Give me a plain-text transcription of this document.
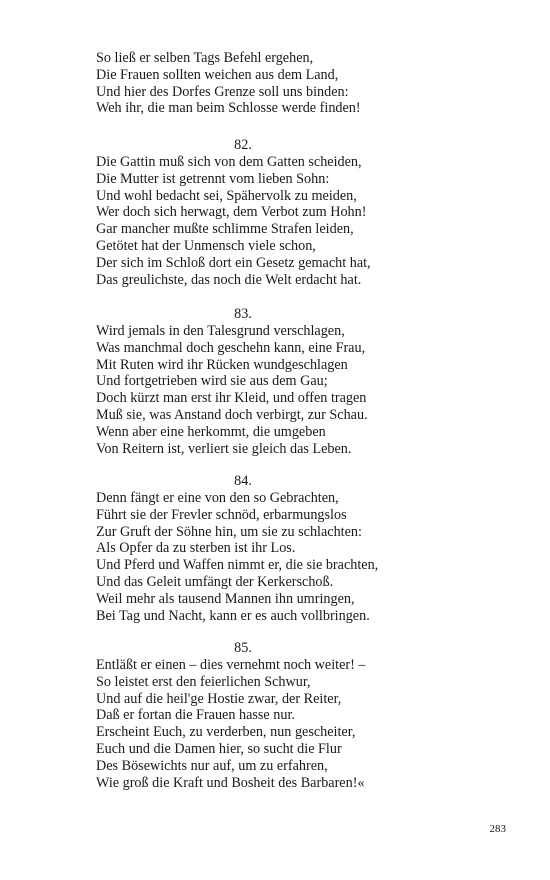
So ließ er selben Tags Befehl ergehen,
Die Frauen sollten weichen aus dem Land,
Und hier des Dorfes Grenze soll uns binden:
Weh ihr, die man beim Schlosse werde finden!
82.
Die Gattin muß sich von dem Gatten scheiden,
Die Mutter ist getrennt vom lieben Sohn:
Und wohl bedacht sei, Spähervolk zu meiden,
Wer doch sich herwagt, dem Verbot zum Hohn!
Gar mancher mußte schlimme Strafen leiden,
Getötet hat der Unmensch viele schon,
Der sich im Schloß dort ein Gesetz gemacht hat,
Das greulichste, das noch die Welt erdacht hat.
83.
Wird jemals in den Talesgrund verschlagen,
Was manchmal doch geschehn kann, eine Frau,
Mit Ruten wird ihr Rücken wundgeschlagen
Und fortgetrieben wird sie aus dem Gau;
Doch kürzt man erst ihr Kleid, und offen tragen
Muß sie, was Anstand doch verbirgt, zur Schau.
Wenn aber eine herkommt, die umgeben
Von Reitern ist, verliert sie gleich das Leben.
84.
Denn fängt er eine von den so Gebrachten,
Führt sie der Frevler schnöd, erbarmungslos
Zur Gruft der Söhne hin, um sie zu schlachten:
Als Opfer da zu sterben ist ihr Los.
Und Pferd und Waffen nimmt er, die sie brachten,
Und das Geleit umfängt der Kerkerschoß.
Weil mehr als tausend Mannen ihn umringen,
Bei Tag und Nacht, kann er es auch vollbringen.
85.
Entläßt er einen – dies vernehmt noch weiter! –
So leistet erst den feierlichen Schwur,
Und auf die heil'ge Hostie zwar, der Reiter,
Daß er fortan die Frauen hasse nur.
Erscheint Euch, zu verderben, nun gescheiter,
Euch und die Damen hier, so sucht die Flur
Des Bösewichts nur auf, um zu erfahren,
Wie groß die Kraft und Bosheit des Barbaren!«
283
